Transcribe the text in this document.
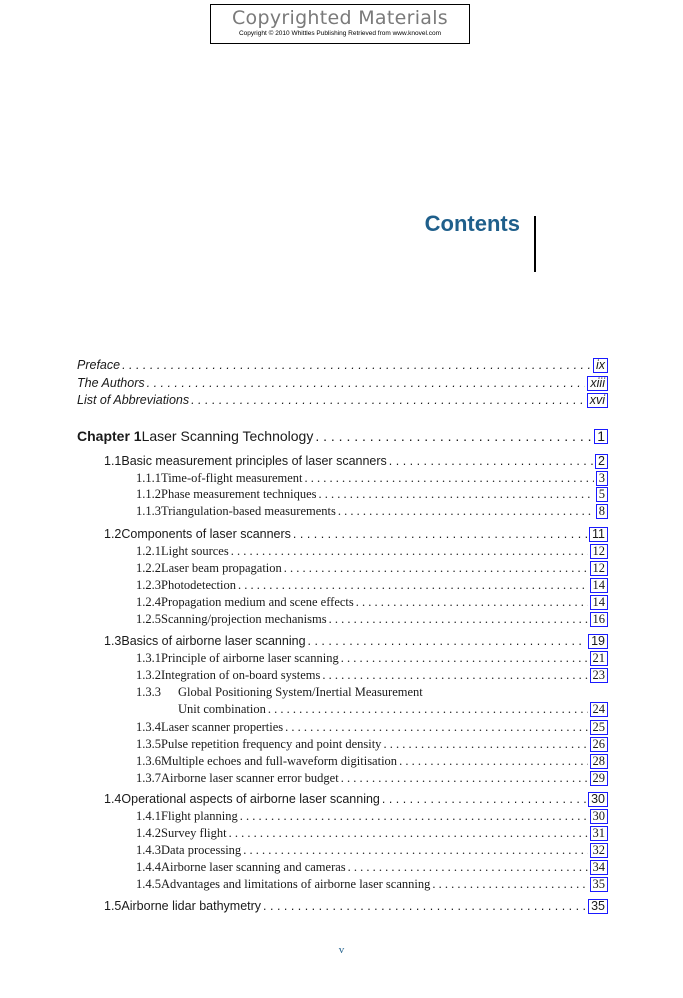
Copyrighted Materials
Copyright © 2010 Whittles Publishing Retrieved from www.knovel.com
Contents
Preface . . .	ix
The Authors . . .	xiii
List of Abbreviations . . .	xvi
Chapter 1 Laser Scanning Technology . . .	1
1.1 Basic measurement principles of laser scanners . . .	2
1.1.1 Time-of-flight measurement . . .	3
1.1.2 Phase measurement techniques . . .	5
1.1.3 Triangulation-based measurements . . .	8
1.2 Components of laser scanners . . .	11
1.2.1 Light sources . . .	12
1.2.2 Laser beam propagation . . .	12
1.2.3 Photodetection . . .	14
1.2.4 Propagation medium and scene effects . . .	14
1.2.5 Scanning/projection mechanisms . . .	16
1.3 Basics of airborne laser scanning . . .	19
1.3.1 Principle of airborne laser scanning . . .	21
1.3.2 Integration of on-board systems . . .	23
1.3.3	Global Positioning System/Inertial Measurement
Unit combination . . .	24
1.3.4 Laser scanner properties . . .	25
1.3.5 Pulse repetition frequency and point density . . .	26
1.3.6 Multiple echoes and full-waveform digitisation . . .	28
1.3.7 Airborne laser scanner error budget . . .	29
1.4 Operational aspects of airborne laser scanning . . .	30
1.4.1 Flight planning . . .	30
1.4.2 Survey flight . . .	31
1.4.3 Data processing . . .	32
1.4.4 Airborne laser scanning and cameras . . .	34
1.4.5 Advantages and limitations of airborne laser scanning . . .	35
1.5 Airborne lidar bathymetry . . .	35
v
